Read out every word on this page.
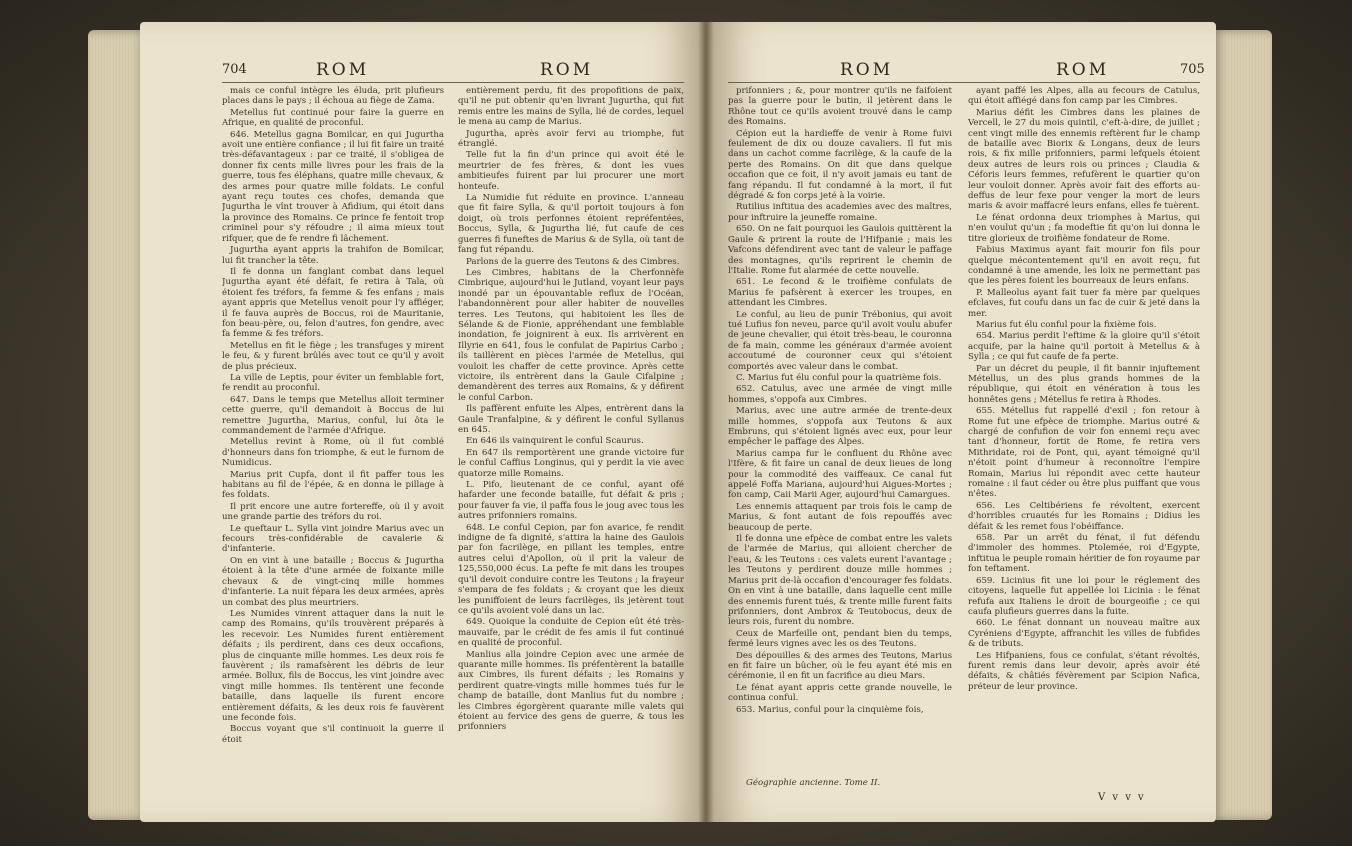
704	ROM	ROM

mais ce conful intègre les éluda, prit plufieurs places dans le pays ; il échoua au fiège de Zama.

Metellus fut continué pour faire la guerre en Afrique, en qualité de proconful.

646. Metellus gagna Bomilcar, en qui Jugurtha avoit une entière confiance ; il lui fit faire un traité très-défavantageux : par ce traité, il s'obligea de donner fix cents mille livres pour les frais de la guerre, tous fes éléphans, quatre mille chevaux, & des armes pour quatre mille foldats. Le conful ayant reçu toutes ces chofes, demanda que Jugurtha le vînt trouver à Afidium, qui étoit dans la province des Romains. Ce prince fe fentoit trop criminel pour s'y réfoudre ; il aima mieux tout rifquer, que de fe rendre fi lâchement.

Jugurtha ayant appris la trahifon de Bomilcar, lui fit trancher la tête.

Il fe donna un fanglant combat dans lequel Jugurtha ayant été défait, fe retira à Tala, où étoient fes tréfors, fa femme & fes enfans ; mais ayant appris que Metellus venoit pour l'y affiéger, il fe fauva auprès de Boccus, roi de Mauritanie, fon beau-père, ou, felon d'autres, fon gendre, avec fa femme & fes tréfors.

Metellus en fit le fiège ; les transfuges y mirent le feu, & y furent brûlés avec tout ce qu'il y avoit de plus précieux.

La ville de Leptis, pour éviter un femblable fort, fe rendit au proconful.

647. Dans le temps que Metellus alloit terminer cette guerre, qu'il demandoit à Boccus de lui remettre Jugurtha, Marius, conful, lui ôta le commandement de l'armée d'Afrique.

Metellus revint à Rome, où il fut comblé d'honneurs dans fon triomphe, & eut le furnom de Numidicus.

Marius prit Cupfa, dont il fit paffer tous les habitans au fil de l'épée, & en donna le pillage à fes foldats.

Il prit encore une autre fortereffe, où il y avoit une grande partie des tréfors du roi.

Le queftaur L. Sylla vint joindre Marius avec un fecours très-confidérable de cavalerie & d'infanterie.

On en vint à une bataille ; Boccus & Jugurtha étoient à la tête d'une armée de foixante mille chevaux & de vingt-cinq mille hommes d'infanterie. La nuit fépara les deux armées, après un combat des plus meurtriers.

Les Numides vinrent attaquer dans la nuit le camp des Romains, qu'ils trouvèrent préparés à les recevoir. Les Numides furent entièrement défaits ; ils perdirent, dans ces deux occafions, plus de cinquante mille hommes. Les deux rois fe fauvèrent ; ils ramafsèrent les débris de leur armée. Bollux, fils de Boccus, les vint joindre avec vingt mille hommes. Ils tentèrent une feconde bataille, dans laquelle ils furent encore entièrement défaits, & les deux rois fe fauvèrent une feconde fois.

Boccus voyant que s'il continuoit la guerre il étoit

entièrement perdu, fit des propofitions de paix, qu'il ne put obtenir qu'en livrant Jugurtha, qui fut remis entre les mains de Sylla, lié de cordes, lequel le mena au camp de Marius.

Jugurtha, après avoir fervi au triomphe, fut étranglé.

Telle fut la fin d'un prince qui avoit été le meurtrier de fes frères, & dont les vues ambitieufes fuirent par lui procurer une mort honteufe.

La Numidie fut réduite en province. L'anneau que fit faire Sylla, & qu'il portoit toujours à fon doigt, où trois perfonnes étoient repréfentées, Boccus, Sylla, & Jugurtha lié, fut caufe de ces guerres fi funeftes de Marius & de Sylla, où tant de fang fut répandu.

Parlons de la guerre des Teutons & des Cimbres.

Les Cimbres, habitans de la Cherfonnèfe Cimbrique, aujourd'hui le Jutland, voyant leur pays inondé par un épouvantable reflux de l'Océan, l'abandonnèrent pour aller habiter de nouvelles terres. Les Teutons, qui habitoient les îles de Sélande & de Fionie, appréhendant une femblable inondation, fe joignirent à eux. Ils arrivèrent en Illyrie en 641, fous le confulat de Papirius Carbo ; ils taillèrent en pièces l'armée de Metellus, qui vouloit les chaffer de cette province. Après cette victoire, ils entrèrent dans la Gaule Cifalpine ; demandèrent des terres aux Romains, & y défirent le conful Carbon.

Ils paffèrent enfuite les Alpes, entrèrent dans la Gaule Tranfalpine, & y défirent le conful Syllanus en 645.

En 646 ils vainquirent le conful Scaurus.

En 647 ils remportèrent une grande victoire fur le conful Caffius Longinus, qui y perdit la vie avec quatorze mille Romains.

L. Pifo, lieutenant de ce conful, ayant ofé hafarder une feconde bataille, fut défait & pris ; pour fauver fa vie, il paffa fous le joug avec tous les autres prifonniers romains.

648. Le conful Cepion, par fon avarice, fe rendit indigne de fa dignité, s'attira la haine des Gaulois par fon facrilège, en pillant les temples, entre autres celui d'Apollon, où il prit la valeur de 125,550,000 écus. La pefte fe mit dans les troupes qu'il devoit conduire contre les Teutons ; la frayeur s'empara de fes foldats ; & croyant que les dieux les puniffoient de leurs facrilèges, ils jetèrent tout ce qu'ils avoient volé dans un lac.

649. Quoique la conduite de Cepion eût été très-mauvaife, par le crédit de fes amis il fut continué en qualité de proconful.

Manlius alla joindre Cepion avec une armée de quarante mille hommes. Ils préfentèrent la bataille aux Cimbres, ils furent défaits ; les Romains y perdirent quatre-vingts mille hommes tués fur le champ de bataille, dont Manlius fut du nombre ; les Cimbres égorgèrent quarante mille valets qui étoient au fervice des gens de guerre, & tous les prifonniers

ROM	ROM	705

prifonniers ; &, pour montrer qu'ils ne faifoient pas la guerre pour le butin, il jetèrent dans le Rhône tout ce qu'ils avoient trouvé dans le camp des Romains.

Cépion eut la hardieffe de venir à Rome fuivi feulement de dix ou douze cavaliers. Il fut mis dans un cachot comme facrilège, & la caufe de la perte des Romains. On dit que dans quelque occafion que ce foit, il n'y avoit jamais eu tant de fang répandu. Il fut condamné à la mort, il fut dégradé & fon corps jeté à la voirie.

Rutilius inftitua des academies avec des maîtres, pour inftruire la jeuneffe romaine.

650. On ne fait pourquoi les Gaulois quittèrent la Gaule & prirent la route de l'Hifpanie ; mais les Vafcons défendirent avec tant de valeur le paffage des montagnes, qu'ils reprirent le chemin de l'Italie. Rome fut alarmée de cette nouvelle.

651. Le fecond & le troifième confulats de Marius fe pafsèrent à exercer les troupes, en attendant les Cimbres.

Le conful, au lieu de punir Trébonius, qui avoit tué Lufius fon neveu, parce qu'il avoit voulu abufer de jeune chevalier, qui étoit très-beau, le couronna de fa main, comme les généraux d'armée avoient accoutumé de couronner ceux qui s'étoient comportés avec valeur dans le combat.

C. Marius fut élu conful pour la quatrième fois.

652. Catulus, avec une armée de vingt mille hommes, s'oppofa aux Cimbres.

Marius, avec une autre armée de trente-deux mille hommes, s'oppofa aux Teutons & aux Embruns, qui s'étoient lignés avec eux, pour leur empêcher le paffage des Alpes.

Marius campa fur le confluent du Rhône avec l'Ifère, & fit faire un canal de deux lieues de long pour la commodité des vaiffeaux. Ce canal fut appelé Foffa Mariana, aujourd'hui Aigues-Mortes ; fon camp, Caii Marii Ager, aujourd'hui Camargues.

Les ennemis attaquent par trois fois le camp de Marius, & font autant de fois repouffés avec beaucoup de perte.

Il fe donna une efpèce de combat entre les valets de l'armée de Marius, qui alloient chercher de l'eau, & les Teutons : ces valets eurent l'avantage ; les Teutons y perdirent douze mille hommes ; Marius prit de-là occafion d'encourager fes foldats. On en vint à une bataille, dans laquelle cent mille des ennemis furent tués, & trente mille furent faits prifonniers, dont Ambrox & Teutobocus, deux de leurs rois, furent du nombre.

Ceux de Marfeille ont, pendant bien du temps, fermé leurs vignes avec les os des Teutons.

Des dépouilles & des armes des Teutons, Marius en fit faire un bûcher, où le feu ayant été mis en cérémonie, il en fit un facrifice au dieu Mars.

Le fénat ayant appris cette grande nouvelle, le continua conful.

653. Marius, conful pour la cinquième fois,

Géographie ancienne. Tome II.

ayant paffé les Alpes, alla au fecours de Catulus, qui étoit affiégé dans fon camp par les Cimbres.

Marius défit les Cimbres dans les plaines de Vercell, le 27 du mois quintil, c'eft-à-dire, de juillet ; cent vingt mille des ennemis reftèrent fur le champ de bataille avec Biorix & Longans, deux de leurs rois, & fix mille prifonniers, parmi lefquels étoient deux autres de leurs rois ou princes ; Claudia & Céforis leurs femmes, refufèrent le quartier qu'on leur vouloit donner. Après avoir fait des efforts au-deffus de leur fexe pour venger la mort de leurs maris & avoir maffacré leurs enfans, elles fe tuèrent.

Le fénat ordonna deux triomphes à Marius, qui n'en voulut qu'un ; fa modeftie fit qu'on lui donna le titre glorieux de troifième fondateur de Rome.

Fabius Maximus ayant fait mourir fon fils pour quelque mécontentement qu'il en avoit reçu, fut condamné à une amende, les loix ne permettant pas que les pères foient les bourreaux de leurs enfans.

P. Malleolus ayant fait tuer fa mère par quelques efclaves, fut coufu dans un fac de cuir & jeté dans la mer.

Marius fut élu conful pour la fixième fois.

654. Marius perdit l'eftime & la gloire qu'il s'étoit acquife, par la haine qu'il portoit à Metellus & à Sylla ; ce qui fut caufe de fa perte.

Par un décret du peuple, il fit bannir injuftement Métellus, un des plus grands hommes de la république, qui étoit en vénération à tous les honnêtes gens ; Métellus fe retira à Rhodes.

655. Métellus fut rappellé d'exil ; fon retour à Rome fut une efpèce de triomphe. Marius outré & chargé de confufion de voir fon ennemi reçu avec tant d'honneur, fortit de Rome, fe retira vers Mithridate, roi de Pont, qui, ayant témoigné qu'il n'étoit point d'humeur à reconnoître l'empire Romain, Marius lui répondit avec cette hauteur romaine : il faut céder ou être plus puiffant que vous n'êtes.

656. Les Celtibériens fe révoltent, exercent d'horribles cruautés fur les Romains ; Didius les défait & les remet fous l'obéiffance.

658. Par un arrêt du fénat, il fut défendu d'immoler des hommes. Ptolemée, roi d'Egypte, inftitua le peuple romain héritier de fon royaume par fon teftament.

659. Licinius fit une loi pour le réglement des citoyens, laquelle fut appellée loi Licinia : le fénat refufa aux Italiens le droit de bourgeoifie ; ce qui caufa plufieurs guerres dans la fuite.

660. Le fénat donnant un nouveau maître aux Cyréniens d'Egypte, affranchit les villes de fubfides & de tributs.

Les Hifpaniens, fous ce confulat, s'étant révoltés, furent remis dans leur devoir, après avoir été défaits, & châtiés févèrement par Scipion Nafica, préteur de leur province.

V v v v
